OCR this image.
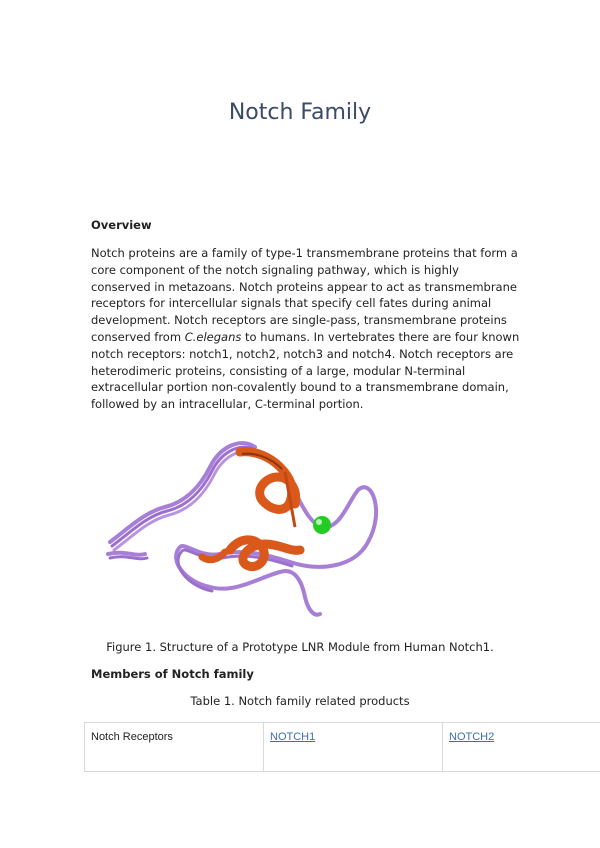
Notch Family
Overview

Notch proteins are a family of type-1 transmembrane proteins that form a core component of the notch signaling pathway, which is highly conserved in metazoans. Notch proteins appear to act as transmembrane receptors for intercellular signals that specify cell fates during animal development. Notch receptors are single-pass, transmembrane proteins conserved from C.elegans to humans. In vertebrates there are four known notch receptors: notch1, notch2, notch3 and notch4. Notch receptors are heterodimeric proteins, consisting of a large, modular N-terminal extracellular portion non-covalently bound to a transmembrane domain, followed by an intracellular, C-terminal portion.

Figure 1. Structure of a Prototype LNR Module from Human Notch1.

Members of Notch family

Table 1. Notch family related products

Notch Receptors	NOTCH1	NOTCH2
